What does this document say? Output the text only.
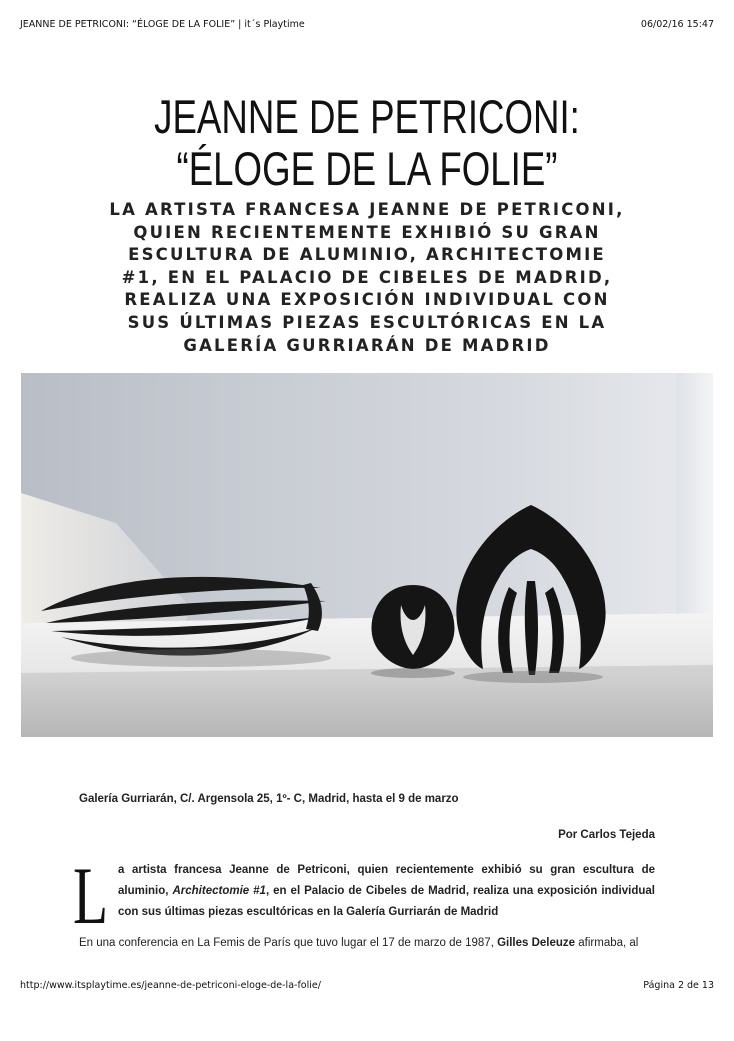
JEANNE DE PETRICONI: “ÉLOGE DE LA FOLIE” | it´s Playtime	06/02/16 15:47
JEANNE DE PETRICONI:
“ÉLOGE DE LA FOLIE”
LA ARTISTA FRANCESA JEANNE DE PETRICONI,
QUIEN RECIENTEMENTE EXHIBIÓ SU GRAN
ESCULTURA DE ALUMINIO, ARCHITECTOMIE
#1, EN EL PALACIO DE CIBELES DE MADRID,
REALIZA UNA EXPOSICIÓN INDIVIDUAL CON
SUS ÚLTIMAS PIEZAS ESCULTÓRICAS EN LA
GALERÍA GURRIARÁN DE MADRID
Galería Gurriarán, C/. Argensola 25, 1º- C, Madrid, hasta el 9 de marzo
Por Carlos Tejeda
L a artista francesa Jeanne de Petriconi, quien recientemente exhibió su gran escultura de
aluminio, Architectomie #1, en el Palacio de Cibeles de Madrid, realiza una exposición individual
con sus últimas piezas escultóricas en la Galería Gurriarán de Madrid
En una conferencia en La Femis de París que tuvo lugar el 17 de marzo de 1987, Gilles Deleuze afirmaba, al
http://www.itsplaytime.es/jeanne-de-petriconi-eloge-de-la-folie/	Página 2 de 13
